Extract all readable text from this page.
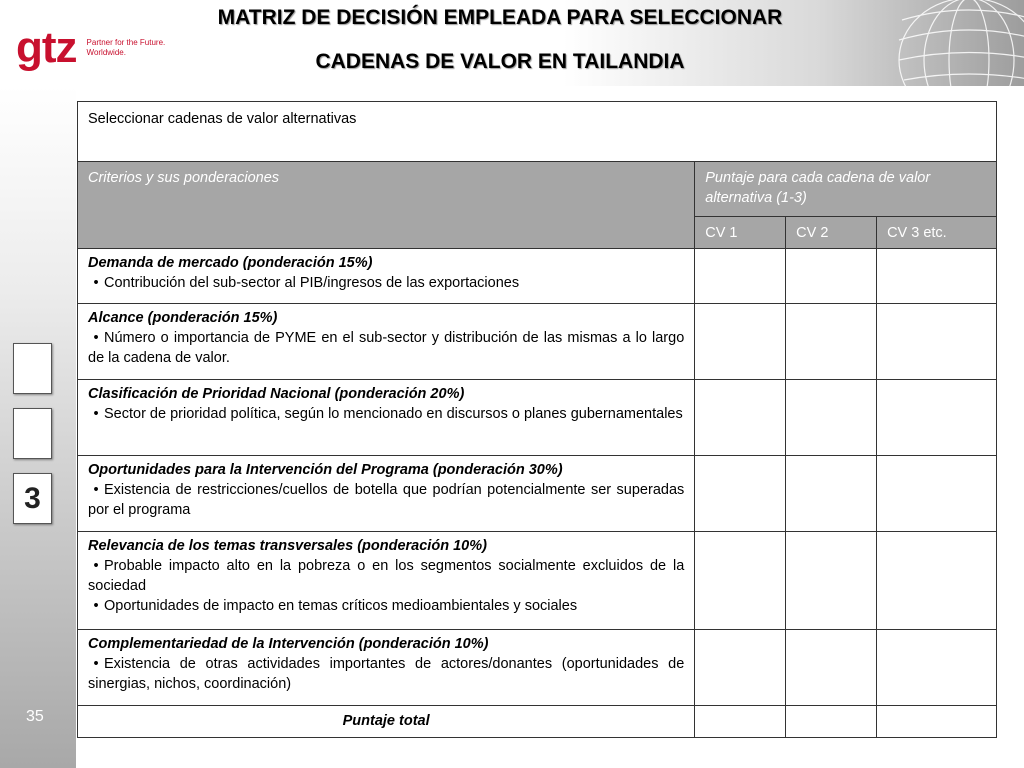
gtz Partner for the Future.
Worldwide.
MATRIZ DE DECISIÓN EMPLEADA PARA SELECCIONAR
CADENAS DE VALOR EN TAILANDIA
3
35
Seleccionar cadenas de valor alternativas			
Criterios y sus ponderaciones	Puntaje para cada cadena de valor alternativa (1-3)		
	CV 1	CV 2	CV 3 etc.
Demanda de mercado (ponderación 15%)
• Contribución del sub-sector al PIB/ingresos de las exportaciones

Alcance (ponderación 15%)
• Número o importancia de PYME en el sub-sector y distribución de las mismas a lo largo de la cadena de valor.

Clasificación de Prioridad Nacional (ponderación 20%)
• Sector de prioridad política, según lo mencionado en discursos o planes gubernamentales

Oportunidades para la Intervención del Programa (ponderación 30%)
• Existencia de restricciones/cuellos de botella que podrían potencialmente ser superadas por el programa

Relevancia de los temas transversales (ponderación 10%)
• Probable impacto alto en la pobreza o en los segmentos socialmente excluidos de la sociedad
• Oportunidades de impacto en temas críticos medioambientales y sociales

Complementariedad de la Intervención (ponderación 10%)
• Existencia de otras actividades importantes de actores/donantes (oportunidades de sinergias, nichos, coordinación)

Puntaje total			
